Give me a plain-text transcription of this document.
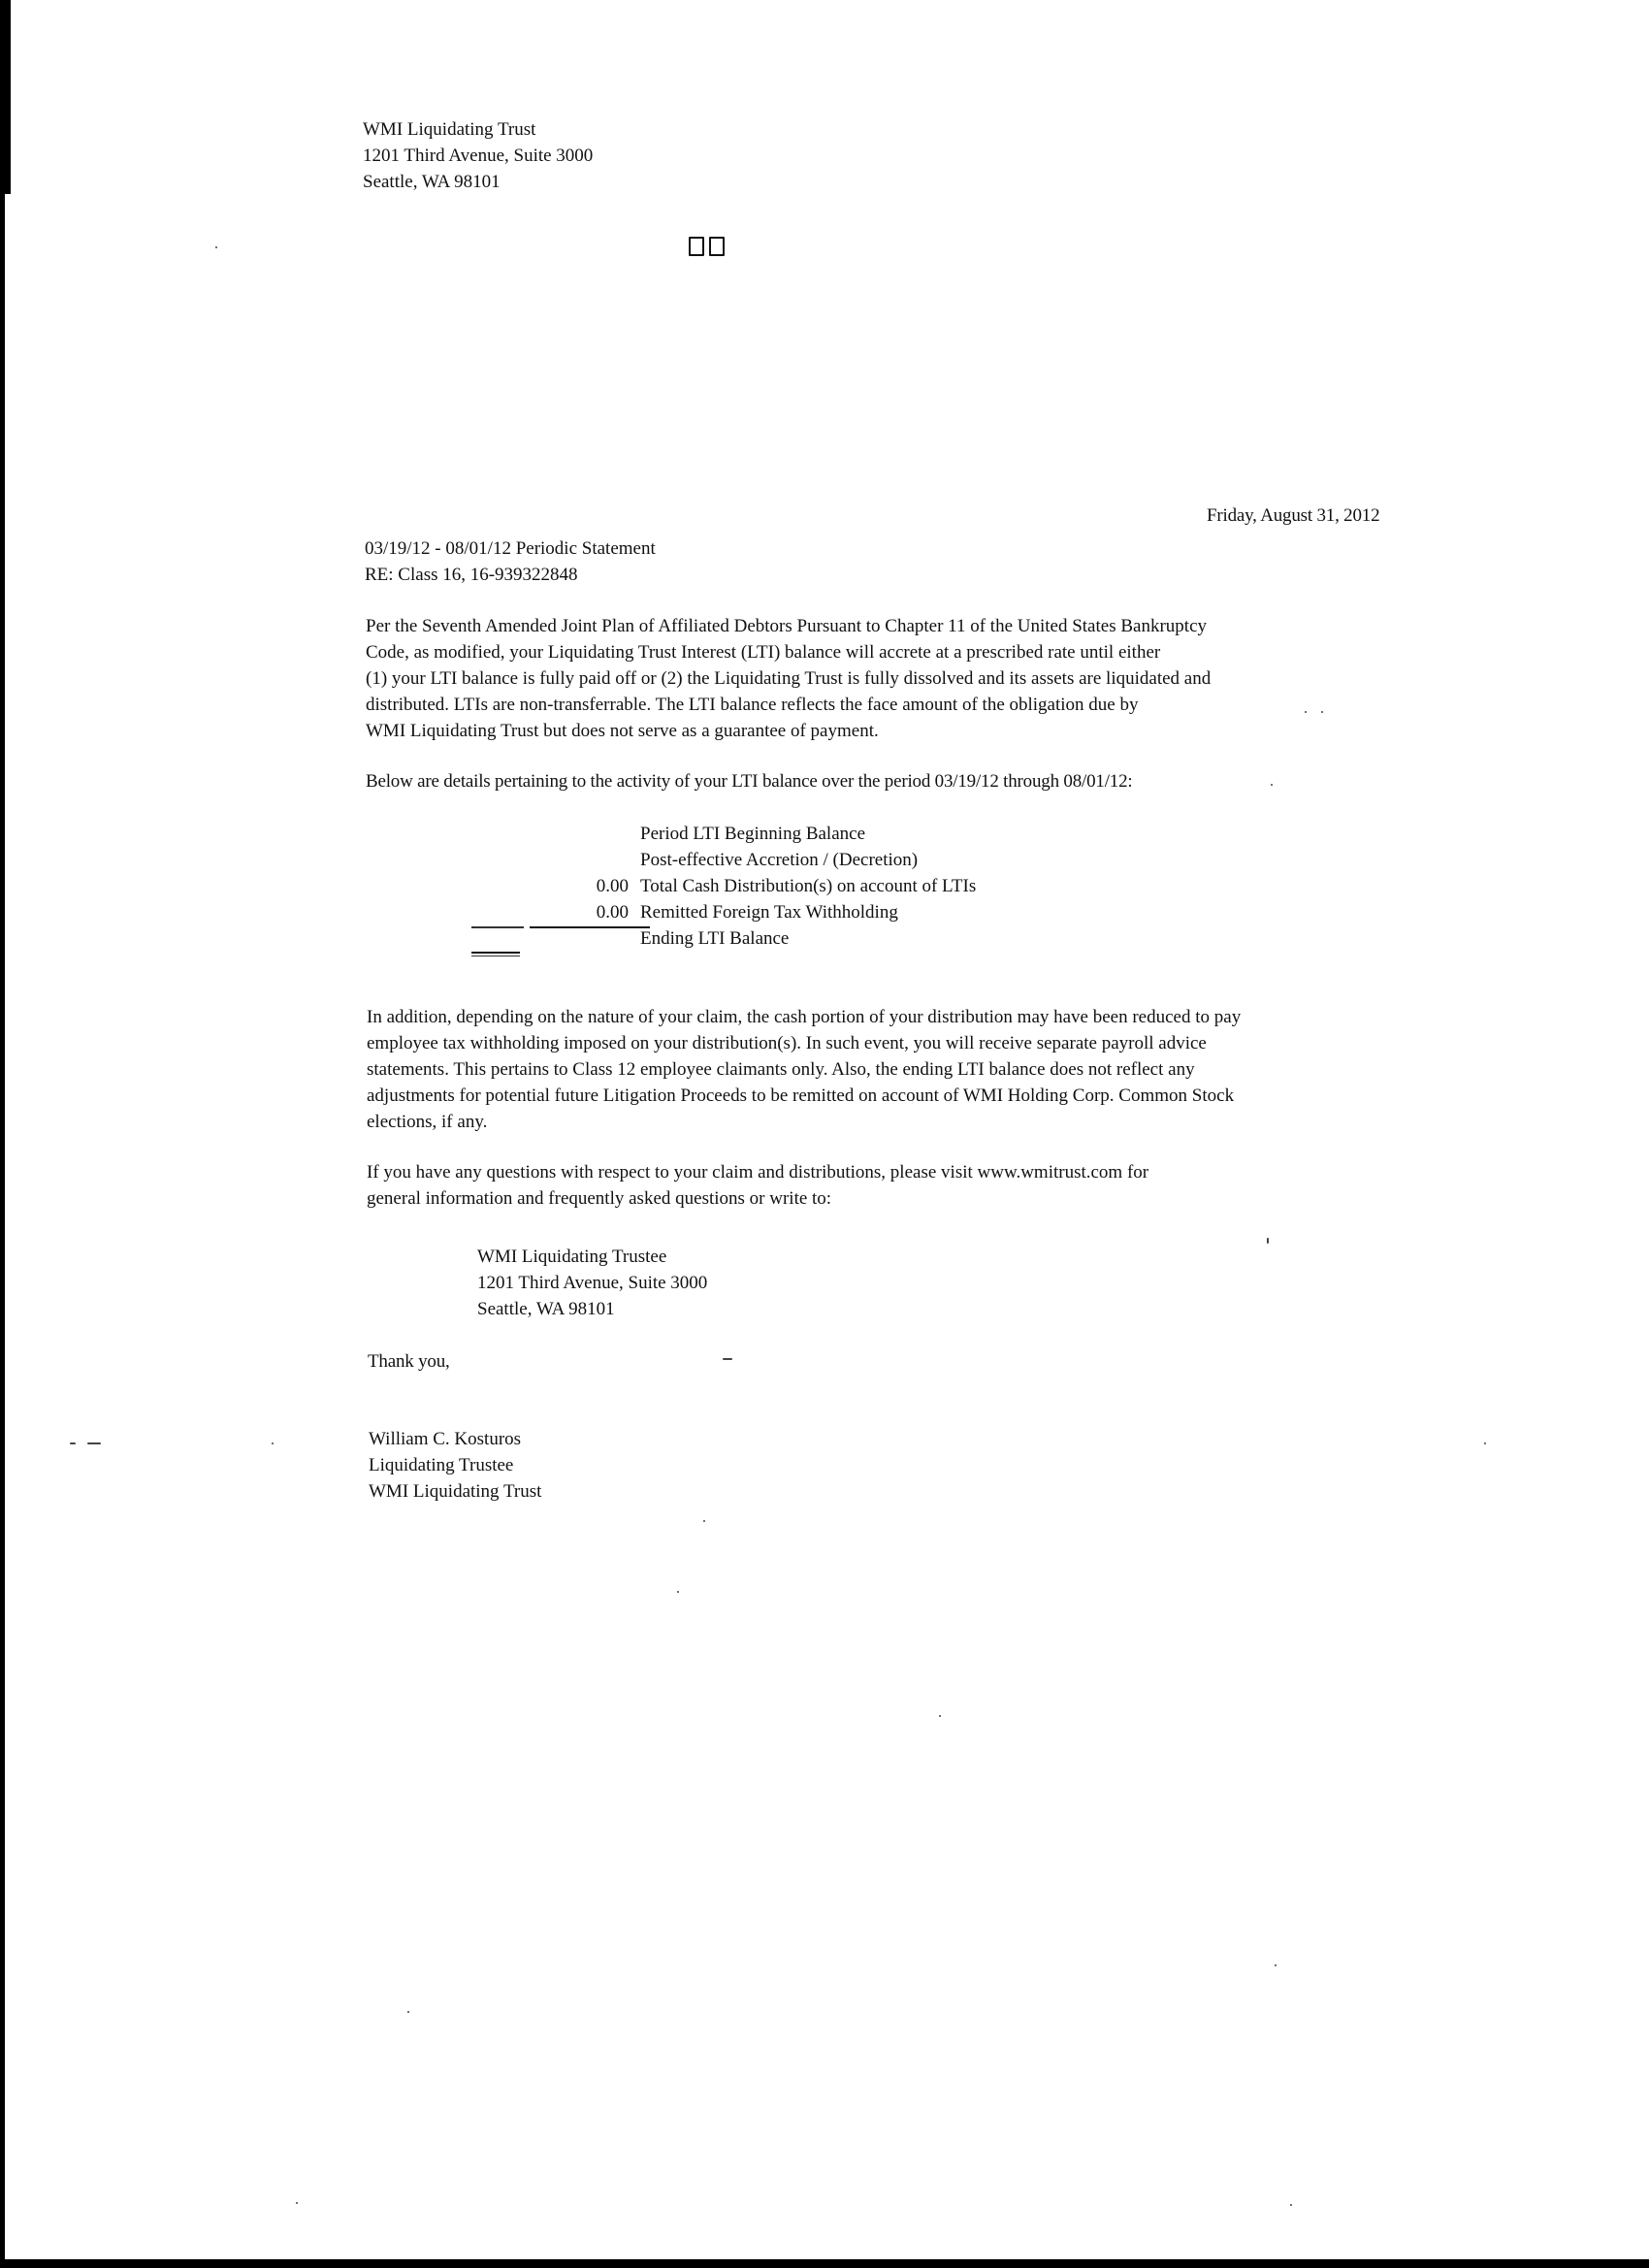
WMI Liquidating Trust
1201 Third Avenue, Suite 3000
Seattle, WA 98101
Friday, August 31, 2012
03/19/12 - 08/01/12 Periodic Statement
RE: Class 16, 16-939322848
Per the Seventh Amended Joint Plan of Affiliated Debtors Pursuant to Chapter 11 of the United States Bankruptcy
Code, as modified, your Liquidating Trust Interest (LTI) balance will accrete at a prescribed rate until either
(1) your LTI balance is fully paid off or (2) the Liquidating Trust is fully dissolved and its assets are liquidated and
distributed. LTIs are non-transferrable. The LTI balance reflects the face amount of the obligation due by
WMI Liquidating Trust but does not serve as a guarantee of payment.
Below are details pertaining to the activity of your LTI balance over the period 03/19/12 through 08/01/12:
Period LTI Beginning Balance
Post-effective Accretion / (Decretion)
0.00 Total Cash Distribution(s) on account of LTIs
0.00 Remitted Foreign Tax Withholding
Ending LTI Balance
In addition, depending on the nature of your claim, the cash portion of your distribution may have been reduced to pay
employee tax withholding imposed on your distribution(s). In such event, you will receive separate payroll advice
statements. This pertains to Class 12 employee claimants only. Also, the ending LTI balance does not reflect any
adjustments for potential future Litigation Proceeds to be remitted on account of WMI Holding Corp. Common Stock
elections, if any.
If you have any questions with respect to your claim and distributions, please visit www.wmitrust.com for
general information and frequently asked questions or write to:
WMI Liquidating Trustee
1201 Third Avenue, Suite 3000
Seattle, WA 98101
Thank you,
William C. Kosturos
Liquidating Trustee
WMI Liquidating Trust
